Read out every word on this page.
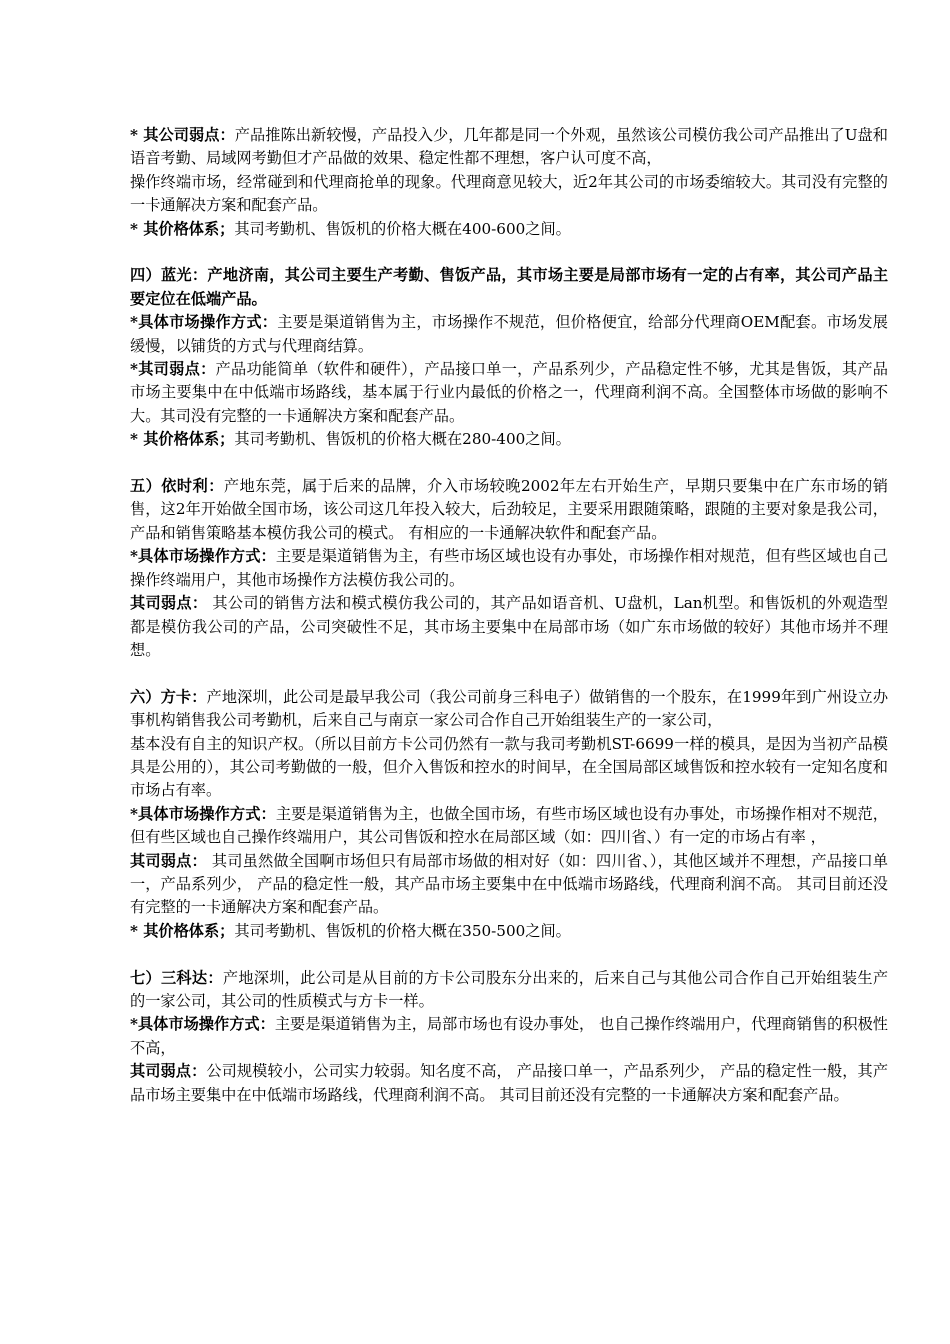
* 其公司弱点：产品推陈出新较慢，产品投入少，几年都是同一个外观，虽然该公司模仿我公司产品推出了U盘和语音考勤、局域网考勤但才产品做的效果、稳定性都不理想，客户认可度不高，

操作终端市场，经常碰到和代理商抢单的现象。代理商意见较大，近2年其公司的市场委缩较大。其司没有完整的一卡通解决方案和配套产品。

* 其价格体系；其司考勤机、售饭机的价格大概在400-600之间。

四）蓝光：产地济南，其公司主要生产考勤、售饭产品，其市场主要是局部市场有一定的占有率，其公司产品主要定位在低端产品。

*具体市场操作方式：主要是渠道销售为主，市场操作不规范，但价格便宜，给部分代理商OEM配套。市场发展缓慢，以铺货的方式与代理商结算。

*其司弱点：产品功能简单（软件和硬件），产品接口单一，产品系列少，产品稳定性不够，尤其是售饭，其产品市场主要集中在中低端市场路线，基本属于行业内最低的价格之一，代理商利润不高。全国整体市场做的影响不大。其司没有完整的一卡通解决方案和配套产品。

* 其价格体系；其司考勤机、售饭机的价格大概在280-400之间。

五）依时利：产地东莞，属于后来的品牌，介入市场较晚2002年左右开始生产，早期只要集中在广东市场的销售，这2年开始做全国市场，该公司这几年投入较大，后劲较足，主要采用跟随策略，跟随的主要对象是我公司，产品和销售策略基本模仿我公司的模式。 有相应的一卡通解决软件和配套产品。

*具体市场操作方式：主要是渠道销售为主，有些市场区域也设有办事处，市场操作相对规范，但有些区域也自己操作终端用户，其他市场操作方法模仿我公司的。

其司弱点： 其公司的销售方法和模式模仿我公司的，其产品如语音机、U盘机，Lan机型。和售饭机的外观造型都是模仿我公司的产品，公司突破性不足，其市场主要集中在局部市场（如广东市场做的较好）其他市场并不理想。

六）方卡：产地深圳，此公司是最早我公司（我公司前身三科电子）做销售的一个股东，在1999年到广州设立办事机构销售我公司考勤机，后来自己与南京一家公司合作自己开始组装生产的一家公司，

基本没有自主的知识产权。（所以目前方卡公司仍然有一款与我司考勤机ST-6699一样的模具，是因为当初产品模具是公用的），其公司考勤做的一般，但介入售饭和控水的时间早，在全国局部区域售饭和控水较有一定知名度和市场占有率。

*具体市场操作方式：主要是渠道销售为主，也做全国市场，有些市场区域也设有办事处，市场操作相对不规范，但有些区域也自己操作终端用户，其公司售饭和控水在局部区域（如：四川省、）有一定的市场占有率 ，

其司弱点： 其司虽然做全国啊市场但只有局部市场做的相对好（如：四川省、），其他区域并不理想，产品接口单一，产品系列少， 产品的稳定性一般，其产品市场主要集中在中低端市场路线，代理商利润不高。 其司目前还没有完整的一卡通解决方案和配套产品。

* 其价格体系；其司考勤机、售饭机的价格大概在350-500之间。

七）三科达：产地深圳，此公司是从目前的方卡公司股东分出来的，后来自己与其他公司合作自己开始组装生产的一家公司，其公司的性质模式与方卡一样。

*具体市场操作方式：主要是渠道销售为主，局部市场也有设办事处， 也自己操作终端用户，代理商销售的积极性不高，

其司弱点：公司规模较小，公司实力较弱。知名度不高， 产品接口单一，产品系列少， 产品的稳定性一般，其产品市场主要集中在中低端市场路线，代理商利润不高。 其司目前还没有完整的一卡通解决方案和配套产品。
